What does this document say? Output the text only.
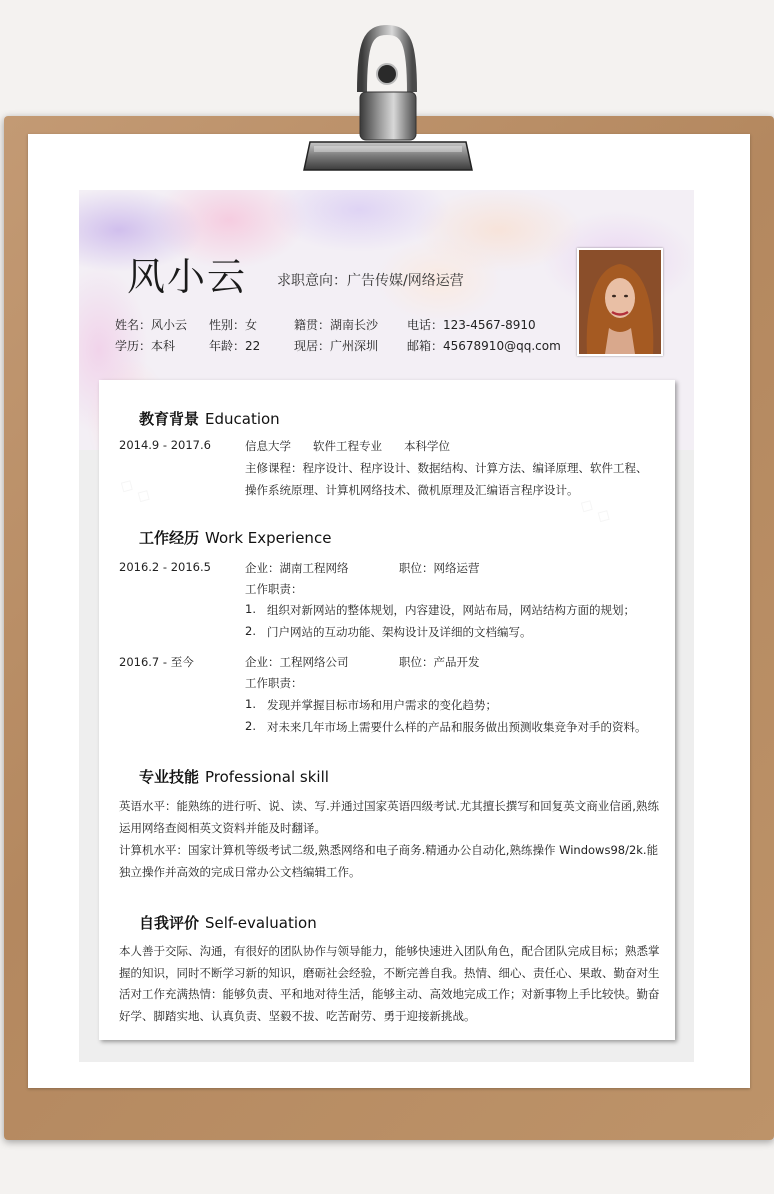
风小云 求职意向：广告传媒/网络运营
姓名：风小云 性别：女	籍贯：湖南长沙 电话：123-4567-8910
学历：本科	年龄：22	现居：广州深圳 邮箱：45678910@qq.com
教育背景 Education
2014.9 - 2017.6	信息大学 软件工程专业 本科学位
主修课程：程序设计、程序设计、数据结构、计算方法、编译原理、软件工程、
操作系统原理、计算机网络技术、微机原理及汇编语言程序设计。
工作经历 Work Experience
2016.2 - 2016.5	企业：湖南工程网络	职位：网络运营
工作职责：
1. 组织对新网站的整体规划，内容建设，网站布局，网站结构方面的规划；
2. 门户网站的互动功能、架构设计及详细的文档编写。
2016.7 - 至今	企业：工程网络公司	职位：产品开发
工作职责：
1. 发现并掌握目标市场和用户需求的变化趋势；
2. 对未来几年市场上需要什么样的产品和服务做出预测收集竞争对手的资料。
专业技能 Professional skill
英语水平：能熟练的进行听、说、读、写.并通过国家英语四级考试.尤其擅长撰写和回复英文商业信函,熟练
运用网络查阅相英文资料并能及时翻译。
计算机水平：国家计算机等级考试二级,熟悉网络和电子商务.精通办公自动化,熟练操作 Windows98/2k.能
独立操作并高效的完成日常办公文档编辑工作。
自我评价 Self-evaluation
本人善于交际、沟通，有很好的团队协作与领导能力，能够快速进入团队角色，配合团队完成目标；熟悉掌
握的知识，同时不断学习新的知识，磨砺社会经验，不断完善自我。热情、细心、责任心、果敢、勤奋对生
活对工作充满热情：能够负责、平和地对待生活，能够主动、高效地完成工作；对新事物上手比较快。勤奋
好学、脚踏实地、认真负责、坚毅不拔、吃苦耐劳、勇于迎接新挑战。
